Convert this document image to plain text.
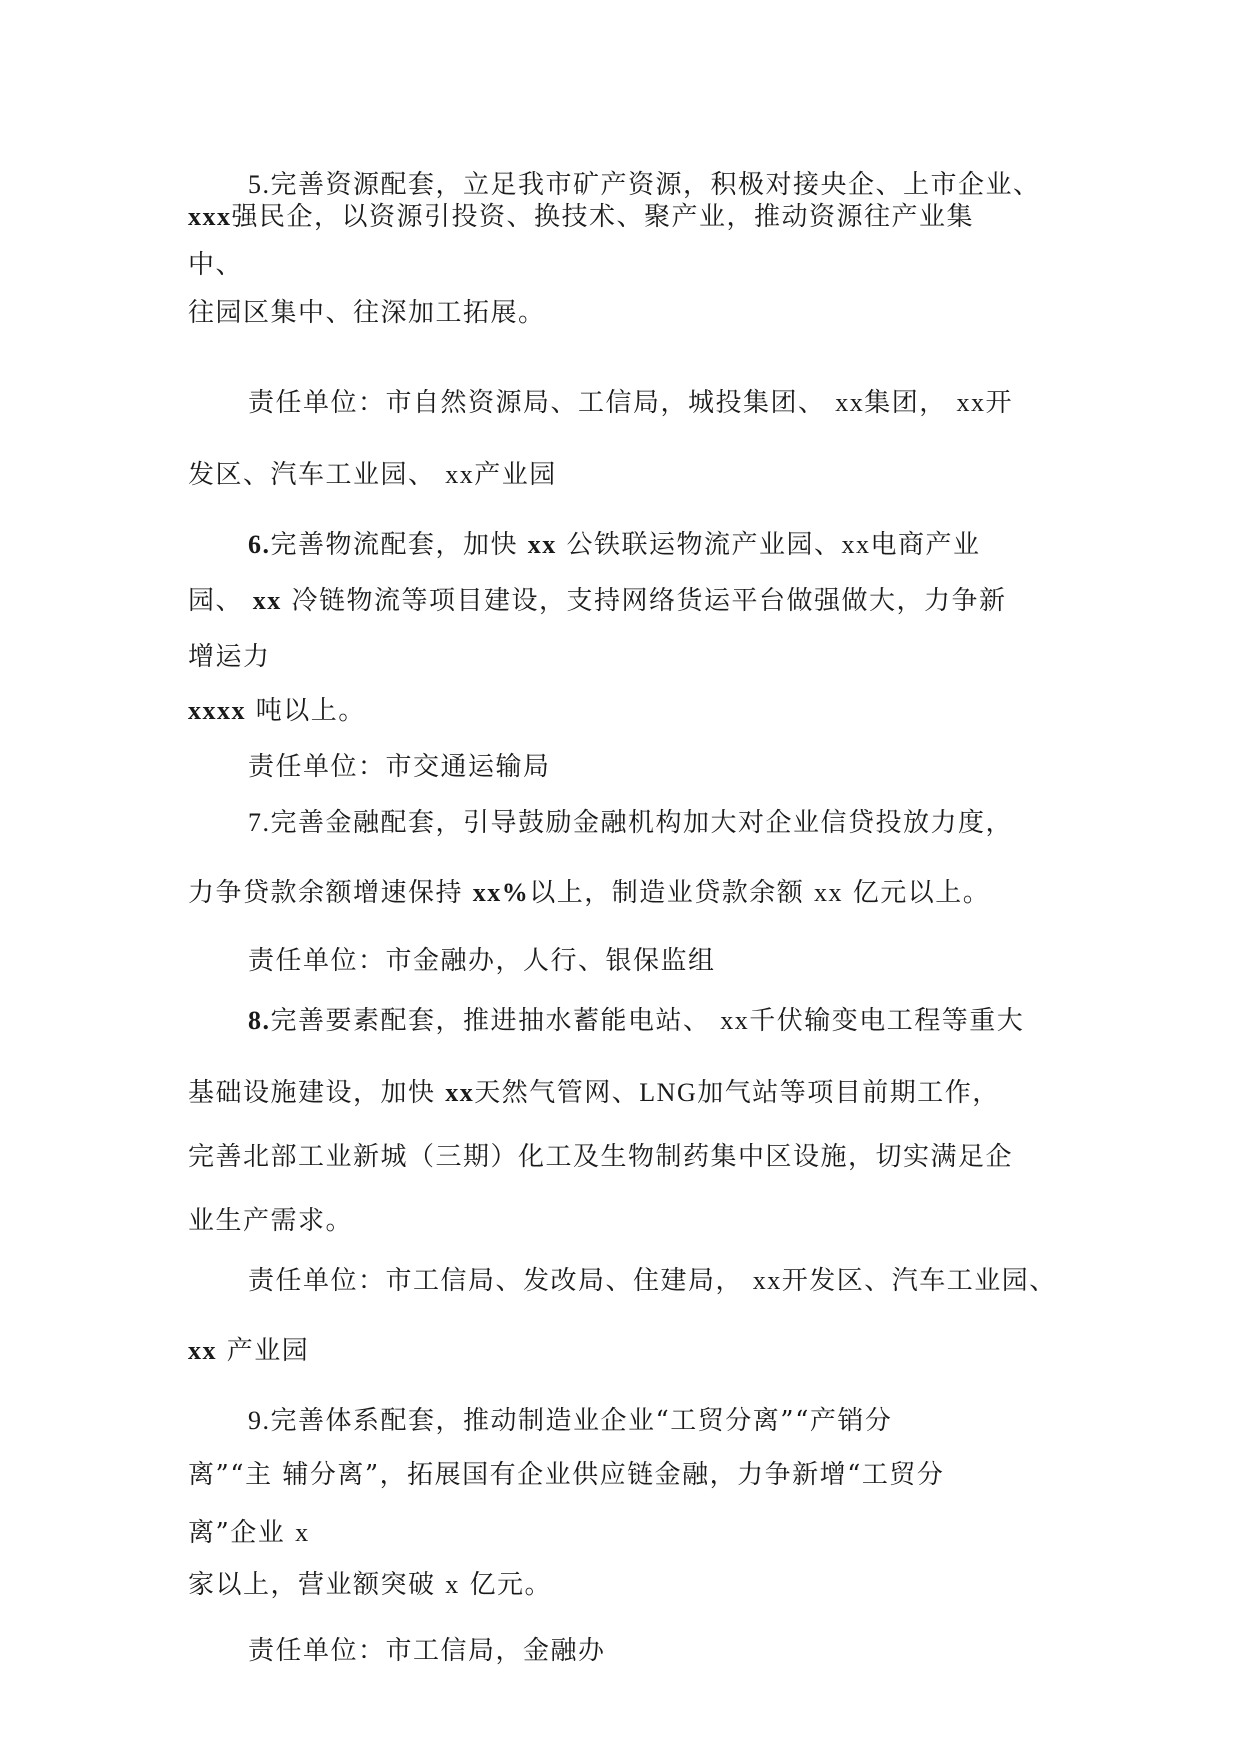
5.完善资源配套，立足我市矿产资源，积极对接央企、上市企业、
xxx强民企，以资源引投资、换技术、聚产业，推动资源往产业集
中、
往园区集中、往深加工拓展。
责任单位：市自然资源局、工信局，城投集团、 xx集团， xx开
发区、汽车工业园、 xx产业园
6.完善物流配套，加快 xx 公铁联运物流产业园、xx电商产业
园、 xx 冷链物流等项目建设，支持网络货运平台做强做大，力争新
增运力
xxxx 吨以上。
责任单位：市交通运输局
7.完善金融配套，引导鼓励金融机构加大对企业信贷投放力度，
力争贷款余额增速保持 xx%以上，制造业贷款余额 xx 亿元以上。
责任单位：市金融办，人行、银保监组
8.完善要素配套，推进抽水蓄能电站、 xx千伏输变电工程等重大
基础设施建设，加快 xx天然气管网、LNG加气站等项目前期工作，
完善北部工业新城（三期）化工及生物制药集中区设施，切实满足企
业生产需求。
责任单位：市工信局、发改局、住建局， xx开发区、汽车工业园、
xx 产业园
9.完善体系配套，推动制造业企业“工贸分离”“产销分
离”“主 辅分离”，拓展国有企业供应链金融，力争新增“工贸分
离”企业 x
家以上，营业额突破 x 亿元。
责任单位：市工信局，金融办
